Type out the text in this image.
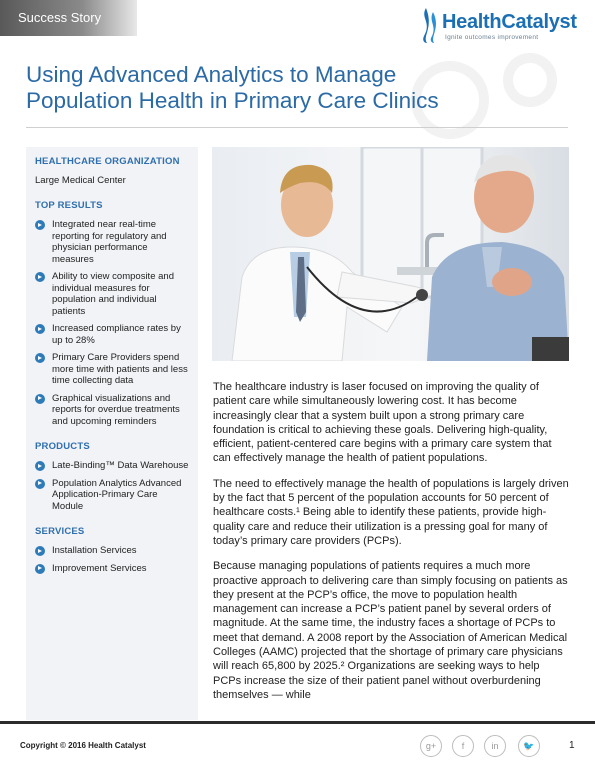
Success Story	HealthCatalyst
Ignite outcomes improvement
Using Advanced Analytics to Manage Population Health in Primary Care Clinics
HEALTHCARE ORGANIZATION
Large Medical Center
TOP RESULTS
Integrated near real-time reporting for regulatory and physician performance measures
Ability to view composite and individual measures for population and individual patients
Increased compliance rates by up to 28%
Primary Care Providers spend more time with patients and less time collecting data
Graphical visualizations and reports for overdue treatments and upcoming reminders
PRODUCTS
Late-Binding™ Data Warehouse
Population Analytics Advanced Application-Primary Care Module
SERVICES
Installation Services
Improvement Services

The healthcare industry is laser focused on improving the quality of patient care while simultaneously lowering cost. It has become increasingly clear that a system built upon a strong primary care foundation is critical to achieving these goals. Delivering high-quality, efficient, patient-centered care begins with a primary care system that can effectively manage the health of patient populations.

The need to effectively manage the health of populations is largely driven by the fact that 5 percent of the population accounts for 50 percent of healthcare costs.¹ Being able to identify these patients, provide high-quality care and reduce their utilization is a pressing goal for many of today’s primary care providers (PCPs).

Because managing populations of patients requires a much more proactive approach to delivering care than simply focusing on patients as they present at the PCP’s office, the move to population health management can increase a PCP’s patient panel by several orders of magnitude. At the same time, the industry faces a shortage of PCPs to meet that demand. A 2008 report by the Association of American Medical Colleges (AAMC) projected that the shortage of primary care physicians will reach 65,800 by 2025.² Organizations are seeking ways to help PCPs increase the size of their patient panel without overburdening themselves — while

Copyright © 2016 Health Catalyst	g+	f	in	🐦	1
